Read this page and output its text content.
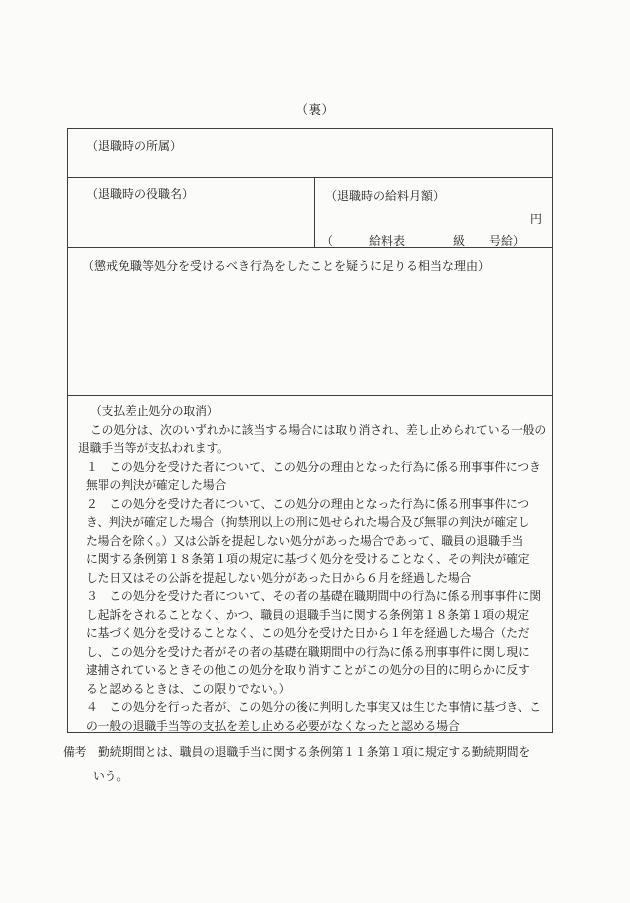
（裏）
（退職時の所属）
（退職時の役職名）	（退職時の給料月額）
円
（　　　給料表　　　　級　　号給）
（懲戒免職等処分を受けるべき行為をしたことを疑うに足りる相当な理由）
（支払差止処分の取消）
この処分は、次のいずれかに該当する場合には取り消され、差し止められている一般の
退職手当等が支払われます。
１　この処分を受けた者について、この処分の理由となった行為に係る刑事事件につき
無罪の判決が確定した場合
２　この処分を受けた者について、この処分の理由となった行為に係る刑事事件につ
き、判決が確定した場合（拘禁刑以上の刑に処せられた場合及び無罪の判決が確定し
た場合を除く。）又は公訴を提起しない処分があった場合であって、職員の退職手当
に関する条例第１８条第１項の規定に基づく処分を受けることなく、その判決が確定
した日又はその公訴を提起しない処分があった日から６月を経過した場合
３　この処分を受けた者について、その者の基礎在職期間中の行為に係る刑事事件に関
し起訴をされることなく、かつ、職員の退職手当に関する条例第１８条第１項の規定
に基づく処分を受けることなく、この処分を受けた日から１年を経過した場合（ただ
し、この処分を受けた者がその者の基礎在職期間中の行為に係る刑事事件に関し現に
逮捕されているときその他この処分を取り消すことがこの処分の目的に明らかに反す
ると認めるときは、この限りでない。）
４　この処分を行った者が、この処分の後に判明した事実又は生じた事情に基づき、こ
の一般の退職手当等の支払を差し止める必要がなくなったと認める場合
備考　勤続期間とは、職員の退職手当に関する条例第１１条第１項に規定する勤続期間を
いう。
